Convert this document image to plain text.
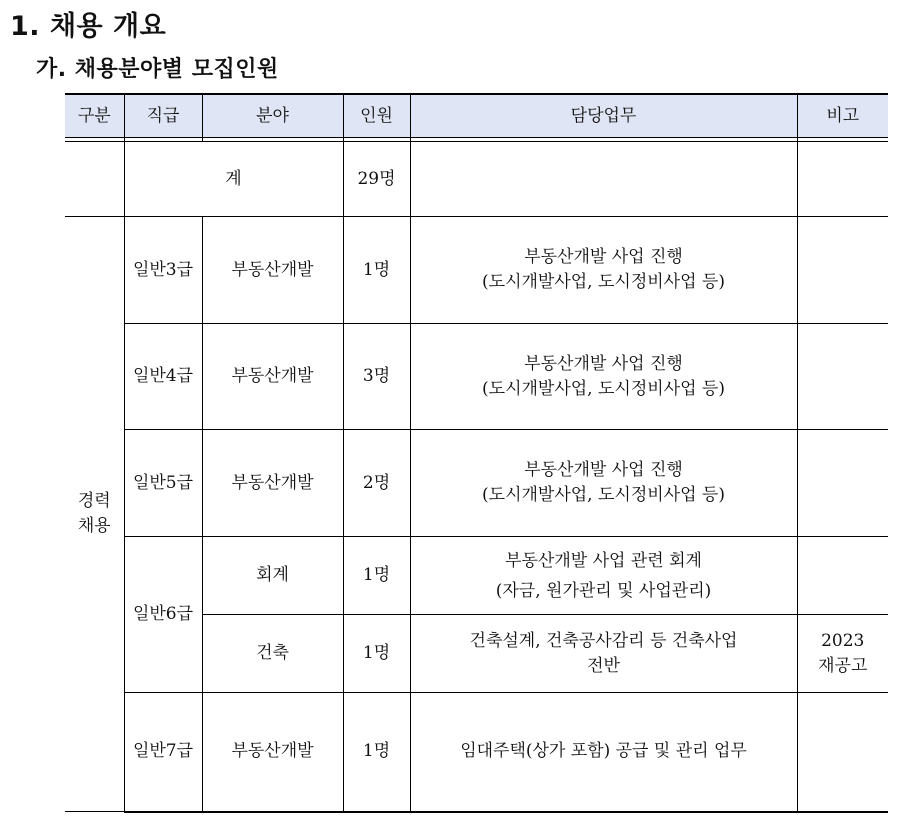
1. 채용 개요
가. 채용분야별 모집인원
구분	직급	분야	인원	담당업무	비고

	계		29명		
경력
채용	일반3급	부동산개발	1명	부동산개발 사업 진행
(도시개발사업, 도시정비사업 등)	
	일반4급	부동산개발	3명	부동산개발 사업 진행
(도시개발사업, 도시정비사업 등)	
	일반5급	부동산개발	2명	부동산개발 사업 진행
(도시개발사업, 도시정비사업 등)	
	일반6급	회계	1명	부동산개발 사업 관련 회계
(자금, 원가관리 및 사업관리)	
		건축	1명	건축설계, 건축공사감리 등 건축사업
전반	2023
재공고
	일반7급	부동산개발	1명	임대주택(상가 포함) 공급 및 관리 업무	
